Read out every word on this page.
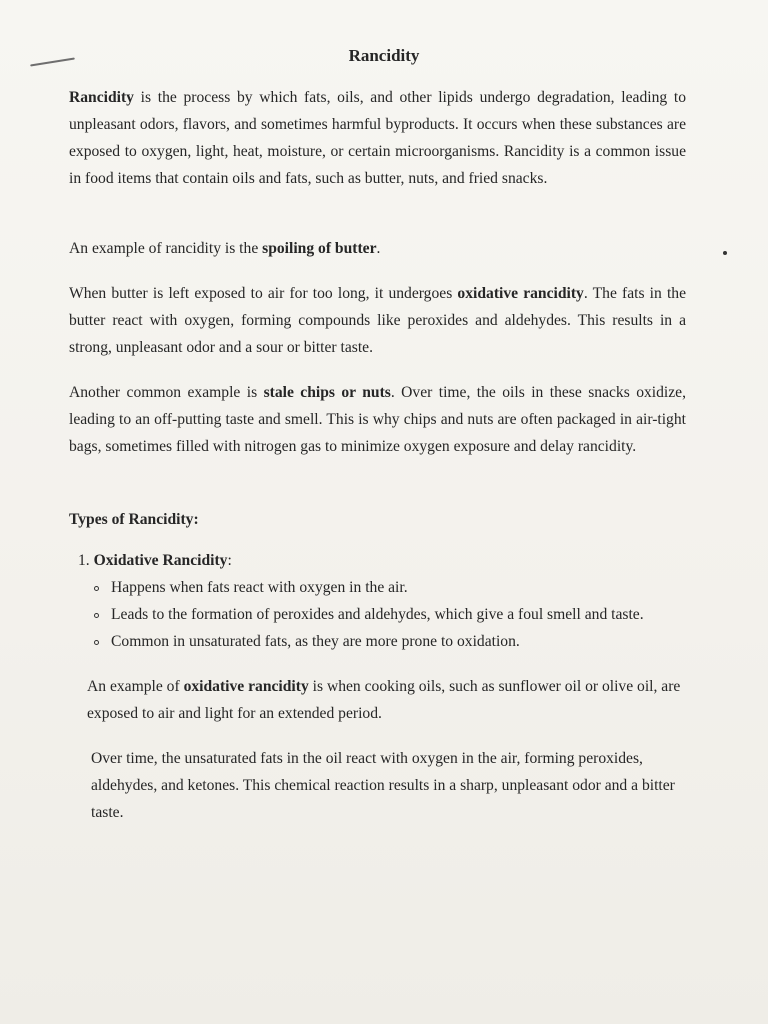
Rancidity

Rancidity is the process by which fats, oils, and other lipids undergo degradation, leading to unpleasant odors, flavors, and sometimes harmful byproducts. It occurs when these substances are exposed to oxygen, light, heat, moisture, or certain microorganisms. Rancidity is a common issue in food items that contain oils and fats, such as butter, nuts, and fried snacks.

An example of rancidity is the spoiling of butter.

When butter is left exposed to air for too long, it undergoes oxidative rancidity. The fats in the butter react with oxygen, forming compounds like peroxides and aldehydes. This results in a strong, unpleasant odor and a sour or bitter taste.

Another common example is stale chips or nuts. Over time, the oils in these snacks oxidize, leading to an off-putting taste and smell. This is why chips and nuts are often packaged in air-tight bags, sometimes filled with nitrogen gas to minimize oxygen exposure and delay rancidity.

Types of Rancidity:

1. Oxidative Rancidity:

Happens when fats react with oxygen in the air.
Leads to the formation of peroxides and aldehydes, which give a foul smell and taste.
Common in unsaturated fats, as they are more prone to oxidation.

An example of oxidative rancidity is when cooking oils, such as sunflower oil or olive oil, are exposed to air and light for an extended period.

Over time, the unsaturated fats in the oil react with oxygen in the air, forming peroxides, aldehydes, and ketones. This chemical reaction results in a sharp, unpleasant odor and a bitter taste.
